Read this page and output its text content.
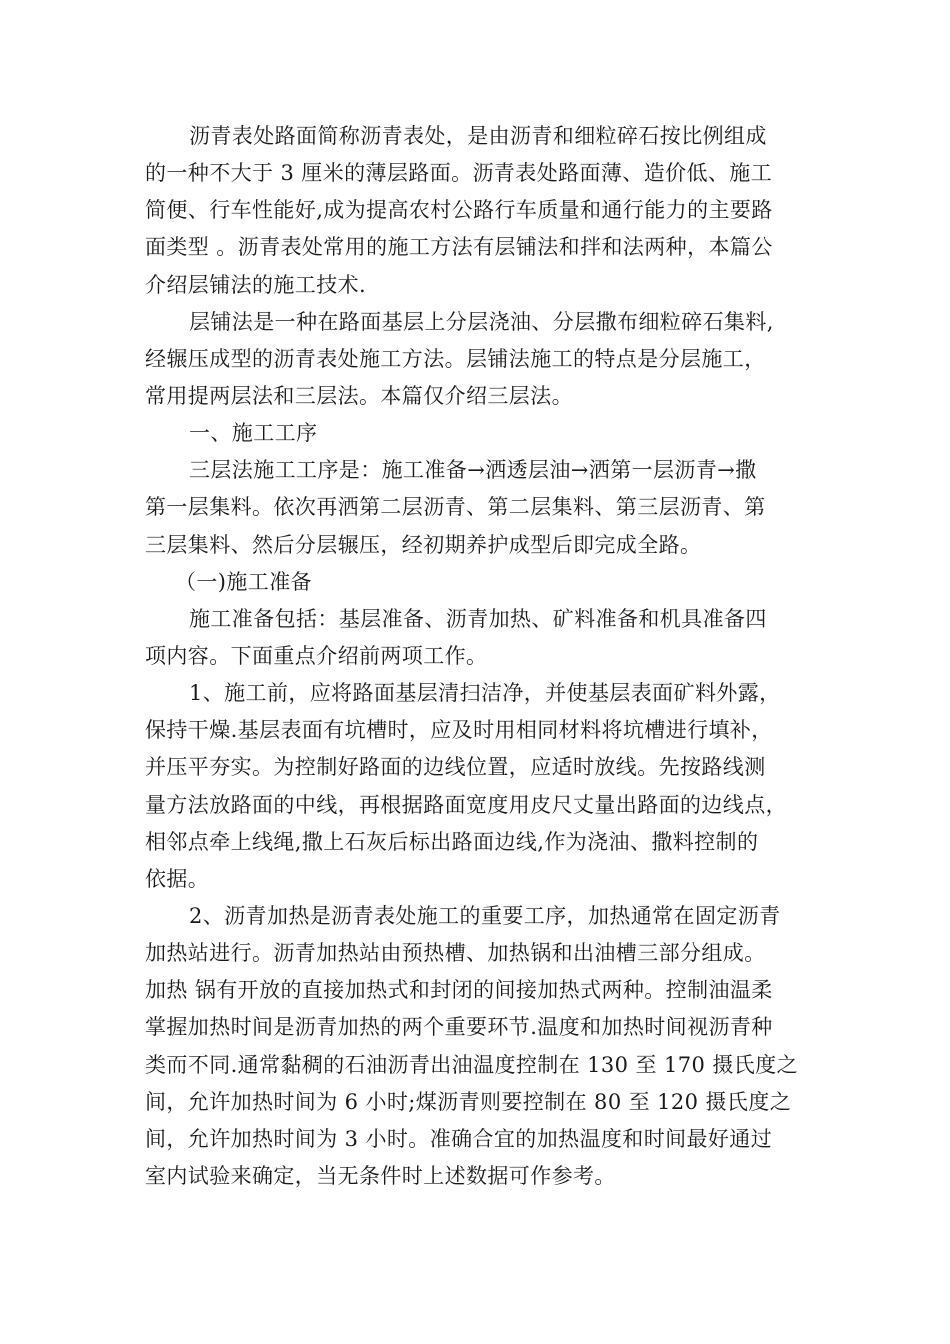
沥青表处路面简称沥青表处，是由沥青和细粒碎石按比例组成
的一种不大于 3 厘米的薄层路面。沥青表处路面薄、造价低、施工
简便、行车性能好,成为提高农村公路行车质量和通行能力的主要路
面类型 。沥青表处常用的施工方法有层铺法和拌和法两种，本篇公
介绍层铺法的施工技术.
层铺法是一种在路面基层上分层浇油、分层撒布细粒碎石集料,
经辗压成型的沥青表处施工方法。层铺法施工的特点是分层施工，
常用提两层法和三层法。本篇仅介绍三层法。
一、施工工序
三层法施工工序是：施工准备→洒透层油→洒第一层沥青→撒
第一层集料。依次再洒第二层沥青、第二层集料、第三层沥青、第
三层集料、然后分层辗压，经初期养护成型后即完成全路。
（一)施工准备
施工准备包括：基层准备、沥青加热、矿料准备和机具准备四
项内容。下面重点介绍前两项工作。
1、施工前，应将路面基层清扫洁净，并使基层表面矿料外露，
保持干燥.基层表面有坑槽时，应及时用相同材料将坑槽进行填补，
并压平夯实。为控制好路面的边线位置，应适时放线。先按路线测
量方法放路面的中线，再根据路面宽度用皮尺丈量出路面的边线点，
相邻点牵上线绳,撒上石灰后标出路面边线,作为浇油、撒料控制的
依据。
2、沥青加热是沥青表处施工的重要工序，加热通常在固定沥青
加热站进行。沥青加热站由预热槽、加热锅和出油槽三部分组成。
加热 锅有开放的直接加热式和封闭的间接加热式两种。控制油温柔
掌握加热时间是沥青加热的两个重要环节.温度和加热时间视沥青种
类而不同.通常黏稠的石油沥青出油温度控制在 130 至 170 摄氏度之
间，允许加热时间为 6 小时;煤沥青则要控制在 80 至 120 摄氏度之
间，允许加热时间为 3 小时。准确合宜的加热温度和时间最好通过
室内试验来确定，当无条件时上述数据可作参考。
